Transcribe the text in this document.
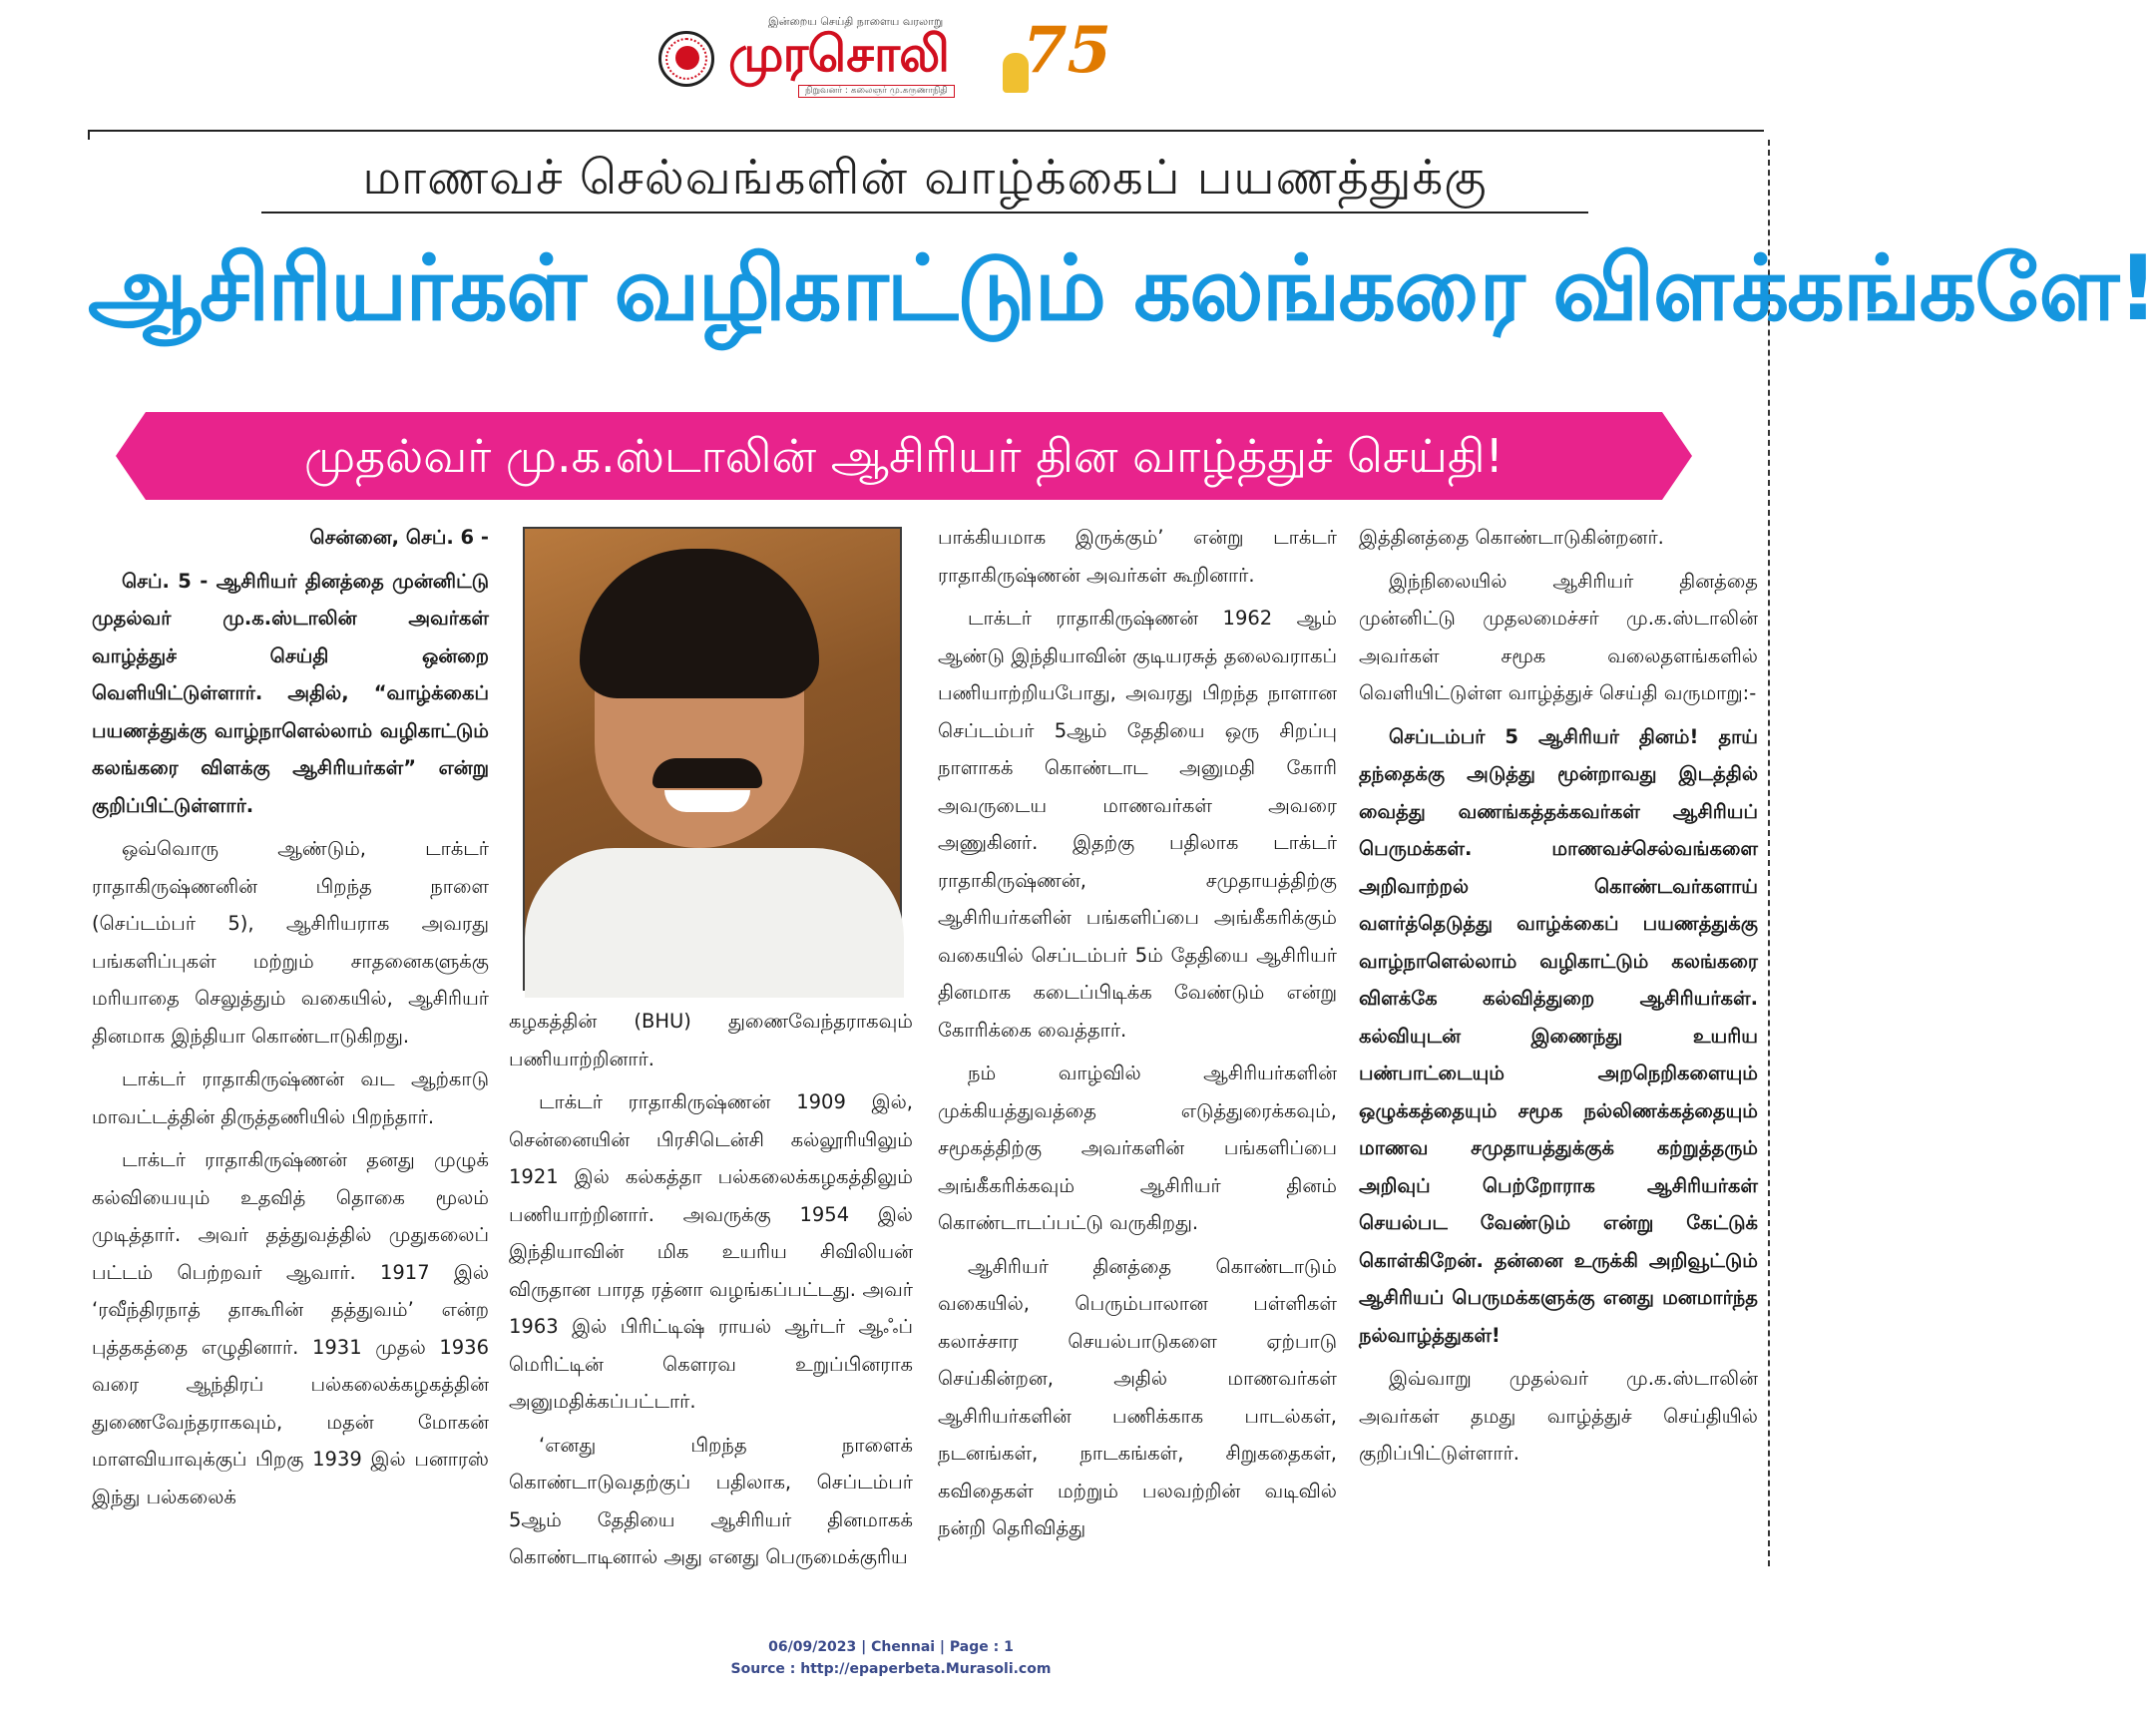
இன்றைய செய்தி நாளைய வரலாறு
முரசொலி
நிறுவனர் : கலைஞர் மு.கருணாநிதி
75
மாணவச் செல்வங்களின் வாழ்க்கைப் பயணத்துக்கு
ஆசிரியர்கள் வழிகாட்டும் கலங்கரை விளக்கங்களே!
முதல்வர் மு.க.ஸ்டாலின் ஆசிரியர் தின வாழ்த்துச் செய்தி!

சென்னை, செப். 6 -

செப். 5 - ஆசிரியர் தினத்தை முன்னிட்டு முதல்வர் மு.க.ஸ்டாலின் அவர்கள் வாழ்த்துச் செய்தி ஒன்றை வெளியிட்டுள்ளார். அதில், “வாழ்க்கைப் பயணத்துக்கு வாழ்நாளெல்லாம் வழிகாட்டும் கலங்கரை விளக்கு ஆசிரியர்கள்” என்று குறிப்பிட்டுள்ளார்.

ஒவ்வொரு ஆண்டும், டாக்டர் ராதாகிருஷ்ணனின் பிறந்த நாளை (செப்டம்பர் 5), ஆசிரியராக அவரது பங்களிப்புகள் மற்றும் சாதனைகளுக்கு மரியாதை செலுத்தும் வகையில், ஆசிரியர் தினமாக இந்தியா கொண்டாடுகிறது.

டாக்டர் ராதாகிருஷ்ணன் வட ஆற்காடு மாவட்டத்தின் திருத்தணியில் பிறந்தார்.

டாக்டர் ராதாகிருஷ்ணன் தனது முழுக் கல்வியையும் உதவித் தொகை மூலம் முடித்தார். அவர் தத்துவத்தில் முதுகலைப் பட்டம் பெற்றவர் ஆவார். 1917 இல் ‘ரவீந்திரநாத் தாகூரின் தத்துவம்’ என்ற புத்தகத்தை எழுதினார். 1931 முதல் 1936 வரை ஆந்திரப் பல்கலைக்கழகத்தின் துணைவேந்தராகவும், மதன் மோகன் மாளவியாவுக்குப் பிறகு 1939 இல் பனாரஸ் இந்து பல்கலைக்

கழகத்தின் (BHU) துணைவேந்தராகவும் பணியாற்றினார்.

டாக்டர் ராதாகிருஷ்ணன் 1909 இல், சென்னையின் பிரசிடென்சி கல்லூரியிலும் 1921 இல் கல்கத்தா பல்கலைக்கழகத்திலும் பணியாற்றினார். அவருக்கு 1954 இல் இந்தியாவின் மிக உயரிய சிவிலியன் விருதான பாரத ரத்னா வழங்கப்பட்டது. அவர் 1963 இல் பிரிட்டிஷ் ராயல் ஆர்டர் ஆஃப் மெரிட்டின் கௌரவ உறுப்பினராக அனுமதிக்கப்பட்டார்.

‘எனது பிறந்த நாளைக் கொண்டாடுவதற்குப் பதிலாக, செப்டம்பர் 5ஆம் தேதியை ஆசிரியர் தினமாகக் கொண்டாடினால் அது எனது பெருமைக்குரிய

பாக்கியமாக இருக்கும்’ என்று டாக்டர் ராதாகிருஷ்ணன் அவர்கள் கூறினார்.

டாக்டர் ராதாகிருஷ்ணன் 1962 ஆம் ஆண்டு இந்தியாவின் குடியரசுத் தலைவராகப் பணியாற்றியபோது, அவரது பிறந்த நாளான செப்டம்பர் 5ஆம் தேதியை ஒரு சிறப்பு நாளாகக் கொண்டாட அனுமதி கோரி அவருடைய மாணவர்கள் அவரை அணுகினர். இதற்கு பதிலாக டாக்டர் ராதாகிருஷ்ணன், சமுதாயத்திற்கு ஆசிரியர்களின் பங்களிப்பை அங்கீகரிக்கும் வகையில் செப்டம்பர் 5ம் தேதியை ஆசிரியர் தினமாக கடைப்பிடிக்க வேண்டும் என்று கோரிக்கை வைத்தார்.

நம் வாழ்வில் ஆசிரியர்களின் முக்கியத்துவத்தை எடுத்துரைக்கவும், சமூகத்திற்கு அவர்களின் பங்களிப்பை அங்கீகரிக்கவும் ஆசிரியர் தினம் கொண்டாடப்பட்டு வருகிறது.

ஆசிரியர் தினத்தை கொண்டாடும் வகையில், பெரும்பாலான பள்ளிகள் கலாச்சார செயல்பாடுகளை ஏற்பாடு செய்கின்றன, அதில் மாணவர்கள் ஆசிரியர்களின் பணிக்காக பாடல்கள், நடனங்கள், நாடகங்கள், சிறுகதைகள், கவிதைகள் மற்றும் பலவற்றின் வடிவில் நன்றி தெரிவித்து

இத்தினத்தை கொண்டாடுகின்றனர்.

இந்நிலையில் ஆசிரியர் தினத்தை முன்னிட்டு முதலமைச்சர் மு.க.ஸ்டாலின் அவர்கள் சமூக வலைதளங்களில் வெளியிட்டுள்ள வாழ்த்துச் செய்தி வருமாறு:-

செப்டம்பர் 5 ஆசிரியர் தினம்! தாய் தந்தைக்கு அடுத்து மூன்றாவது இடத்தில் வைத்து வணங்கத்தக்கவர்கள் ஆசிரியப் பெருமக்கள். மாணவச்செல்வங்களை அறிவாற்றல் கொண்டவர்களாய் வளர்த்தெடுத்து வாழ்க்கைப் பயணத்துக்கு வாழ்நாளெல்லாம் வழிகாட்டும் கலங்கரை விளக்கே கல்வித்துறை ஆசிரியர்கள். கல்வியுடன் இணைந்து உயரிய பண்பாட்டையும் அறநெறிகளையும் ஒழுக்கத்தையும் சமூக நல்லிணக்கத்தையும் மாணவ சமுதாயத்துக்குக் கற்றுத்தரும் அறிவுப் பெற்றோராக ஆசிரியர்கள் செயல்பட வேண்டும் என்று கேட்டுக் கொள்கிறேன். தன்னை உருக்கி அறிவூட்டும் ஆசிரியப் பெருமக்களுக்கு எனது மனமார்ந்த நல்வாழ்த்துகள்!

இவ்வாறு முதல்வர் மு.க.ஸ்டாலின் அவர்கள் தமது வாழ்த்துச் செய்தியில் குறிப்பிட்டுள்ளார்.

06/09/2023 | Chennai | Page : 1
Source : http://epaperbeta.Murasoli.com
